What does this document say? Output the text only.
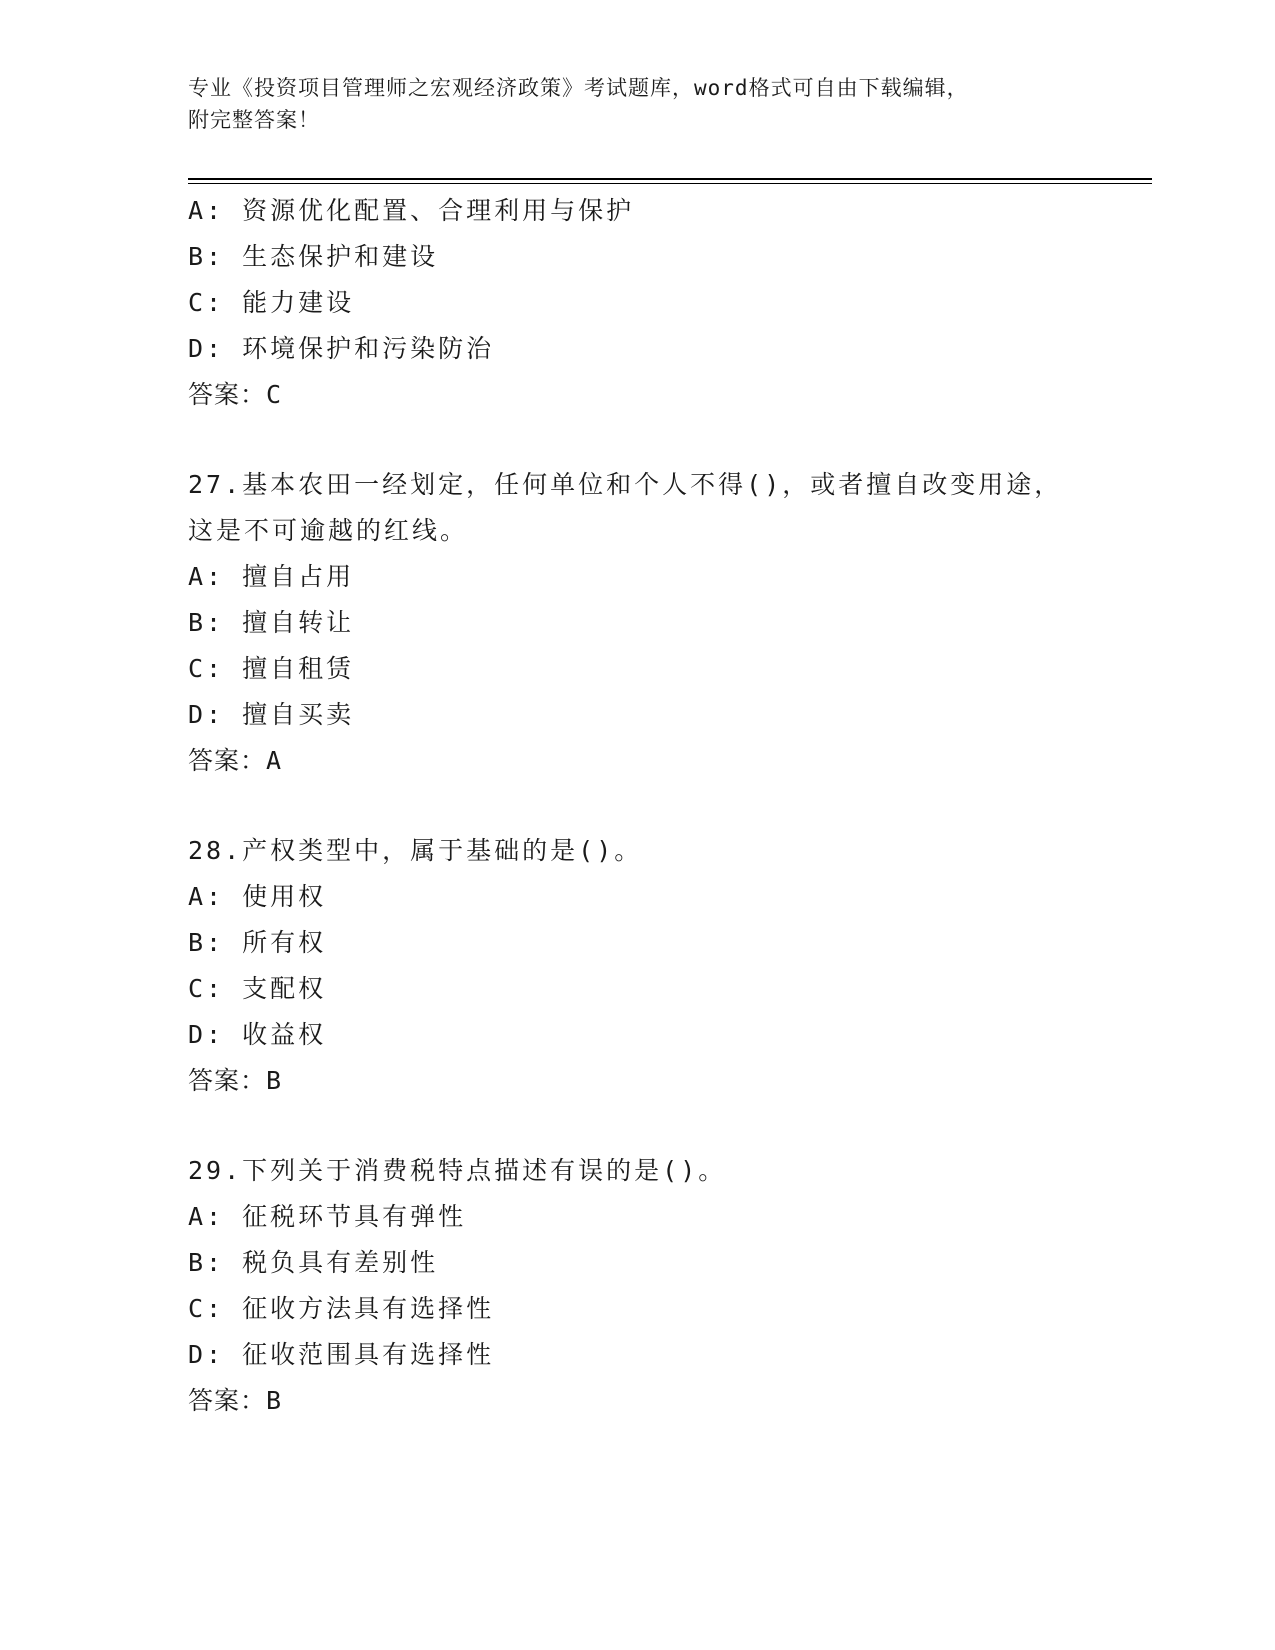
专业《投资项目管理师之宏观经济政策》考试题库，word格式可自由下载编辑，
附完整答案！
A: 资源优化配置、合理利用与保护
B: 生态保护和建设
C: 能力建设
D: 环境保护和污染防治
答案：C
27.基本农田一经划定，任何单位和个人不得()，或者擅自改变用途，
这是不可逾越的红线。
A: 擅自占用
B: 擅自转让
C: 擅自租赁
D: 擅自买卖
答案：A
28.产权类型中，属于基础的是()。
A: 使用权
B: 所有权
C: 支配权
D: 收益权
答案：B
29.下列关于消费税特点描述有误的是()。
A: 征税环节具有弹性
B: 税负具有差别性
C: 征收方法具有选择性
D: 征收范围具有选择性
答案：B
